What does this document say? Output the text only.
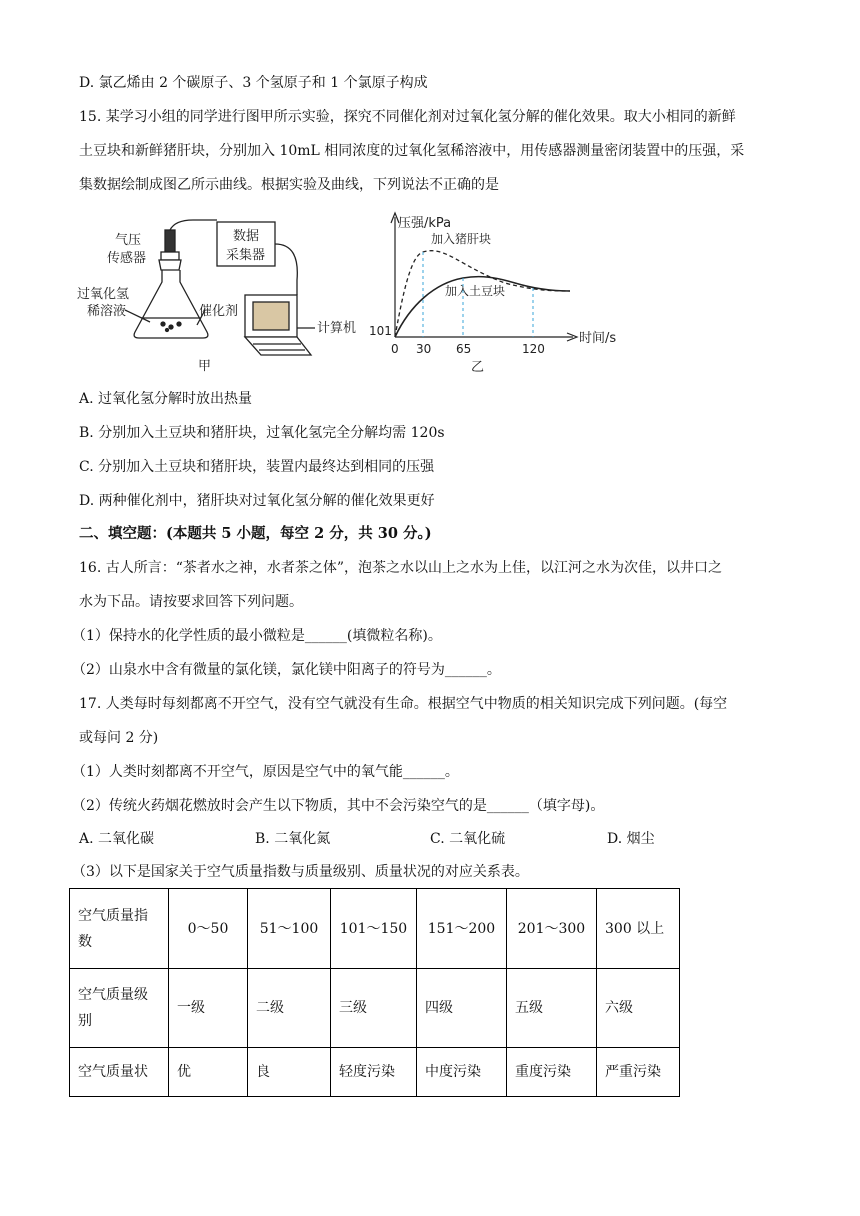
D. 氯乙烯由 2 个碳原子、3 个氢原子和 1 个氯原子构成
15. 某学习小组的同学进行图甲所示实验，探究不同催化剂对过氧化氢分解的催化效果。取大小相同的新鲜
土豆块和新鲜猪肝块，分别加入 10mL 相同浓度的过氧化氢稀溶液中，用传感器测量密闭装置中的压强，采
集数据绘制成图乙所示曲线。根据实验及曲线，下列说法不正确的是
气压
传感器
数据
采集器
过氧化氢
稀溶液	催化剂
计算机
甲
压强/kPa
时间/s
101
0 30 65	120
加入猪肝块
加入土豆块
乙
A. 过氧化氢分解时放出热量
B. 分别加入土豆块和猪肝块，过氧化氢完全分解均需 120s
C. 分别加入土豆块和猪肝块，装置内最终达到相同的压强
D. 两种催化剂中，猪肝块对过氧化氢分解的催化效果更好
二、填空题：(本题共 5 小题，每空 2 分，共 30 分。)
16. 古人所言：“茶者水之神，水者茶之体”，泡茶之水以山上之水为上佳，以江河之水为次佳，以井口之
水为下品。请按要求回答下列问题。
（1）保持水的化学性质的最小微粒是______(填微粒名称)。
（2）山泉水中含有微量的氯化镁，氯化镁中阳离子的符号为______。
17. 人类每时每刻都离不开空气，没有空气就没有生命。根据空气中物质的相关知识完成下列问题。(每空
或每问 2 分)
（1）人类时刻都离不开空气，原因是空气中的氧气能______。
（2）传统火药烟花燃放时会产生以下物质，其中不会污染空气的是______（填字母)。
A. 二氧化碳	B. 二氧化氮	C. 二氧化硫	D. 烟尘
（3）以下是国家关于空气质量指数与质量级别、质量状况的对应关系表。
空气质量指数	0～50	51～100	101～150	151～200	201～300	300 以上
空气质量级别	一级	二级	三级	四级	五级	六级
空气质量状	优	良	轻度污染	中度污染	重度污染	严重污染
